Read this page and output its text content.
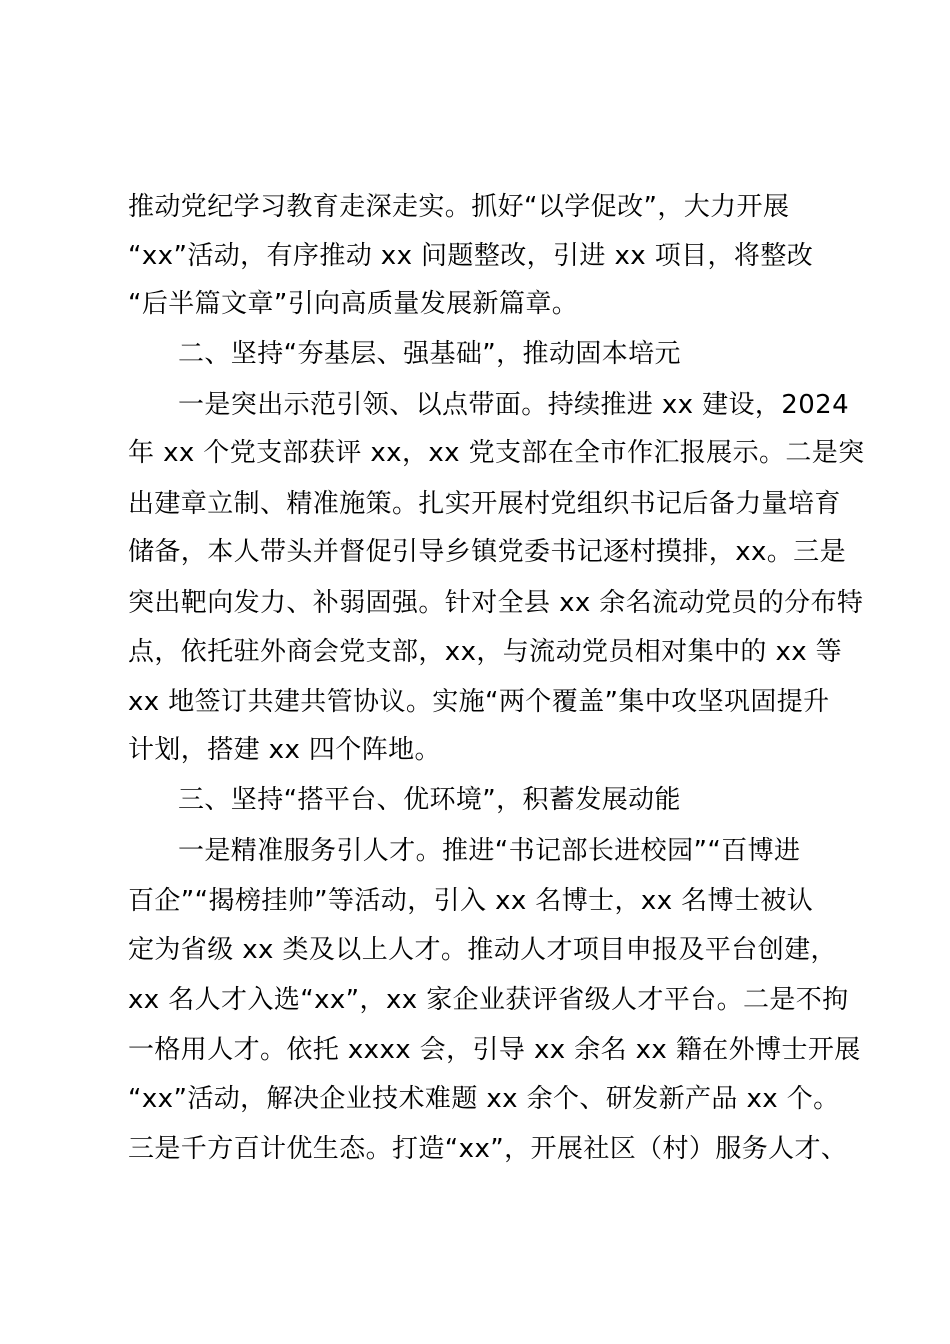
推动党纪学习教育走深走实。抓好“以学促改”，大力开展
“xx”活动，有序推动 xx 问题整改，引进 xx 项目，将整改
“后半篇文章”引向高质量发展新篇章。
二、坚持“夯基层、强基础”，推动固本培元
一是突出示范引领、以点带面。持续推进 xx 建设，2024
年 xx 个党支部获评 xx，xx 党支部在全市作汇报展示。二是突
出建章立制、精准施策。扎实开展村党组织书记后备力量培育
储备，本人带头并督促引导乡镇党委书记逐村摸排，xx。三是
突出靶向发力、补弱固强。针对全县 xx 余名流动党员的分布特
点，依托驻外商会党支部，xx，与流动党员相对集中的 xx 等
xx 地签订共建共管协议。实施“两个覆盖”集中攻坚巩固提升
计划，搭建 xx 四个阵地。
三、坚持“搭平台、优环境”，积蓄发展动能
一是精准服务引人才。推进“书记部长进校园”“百博进
百企”“揭榜挂帅”等活动，引入 xx 名博士，xx 名博士被认
定为省级 xx 类及以上人才。推动人才项目申报及平台创建，
xx 名人才入选“xx”，xx 家企业获评省级人才平台。二是不拘
一格用人才。依托 xxxx 会，引导 xx 余名 xx 籍在外博士开展
“xx”活动，解决企业技术难题 xx 余个、研发新产品 xx 个。
三是千方百计优生态。打造“xx”，开展社区（村）服务人才、
